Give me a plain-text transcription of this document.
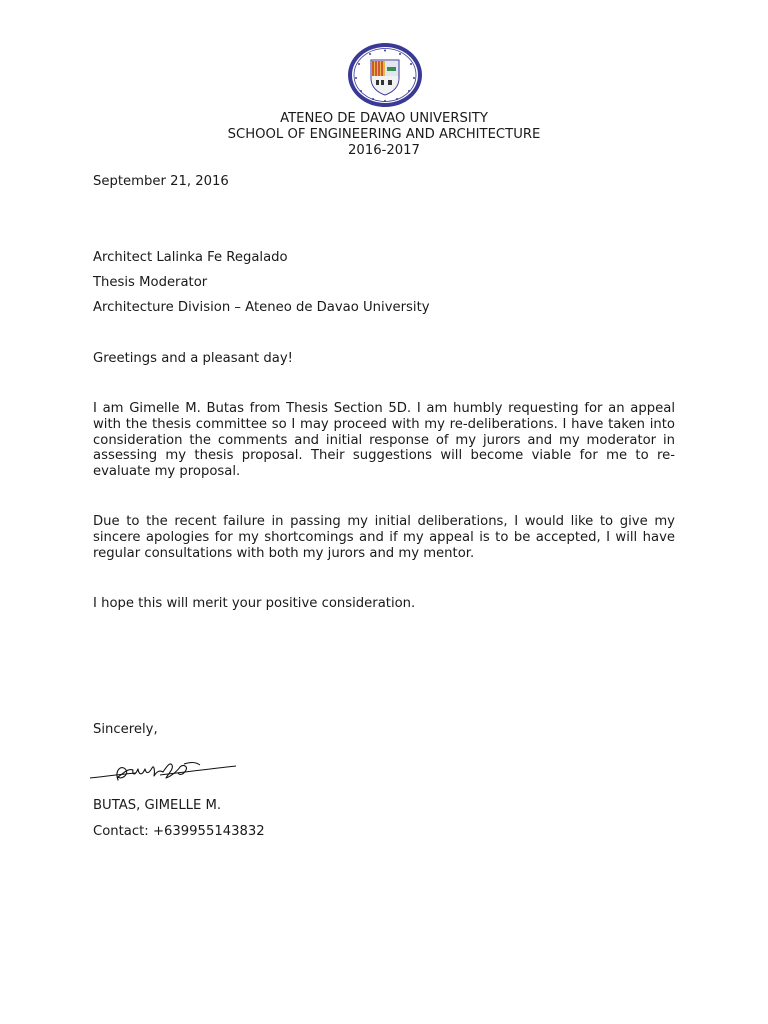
ATENEO DE DAVAO UNIVERSITY
SCHOOL OF ENGINEERING AND ARCHITECTURE
2016-2017
September 21, 2016
Architect Lalinka Fe Regalado
Thesis Moderator
Architecture Division – Ateneo de Davao University
Greetings and a pleasant day!
I am Gimelle M. Butas from Thesis Section 5D. I am humbly requesting for an appeal with the thesis committee so I may proceed with my re-deliberations. I have taken into consideration the comments and initial response of my jurors and my moderator in assessing my thesis proposal. Their suggestions will become viable for me to re-evaluate my proposal.
Due to the recent failure in passing my initial deliberations, I would like to give my sincere apologies for my shortcomings and if my appeal is to be accepted, I will have regular consultations with both my jurors and my mentor.
I hope this will merit your positive consideration.
Sincerely,
BUTAS, GIMELLE M.
Contact: +639955143832
